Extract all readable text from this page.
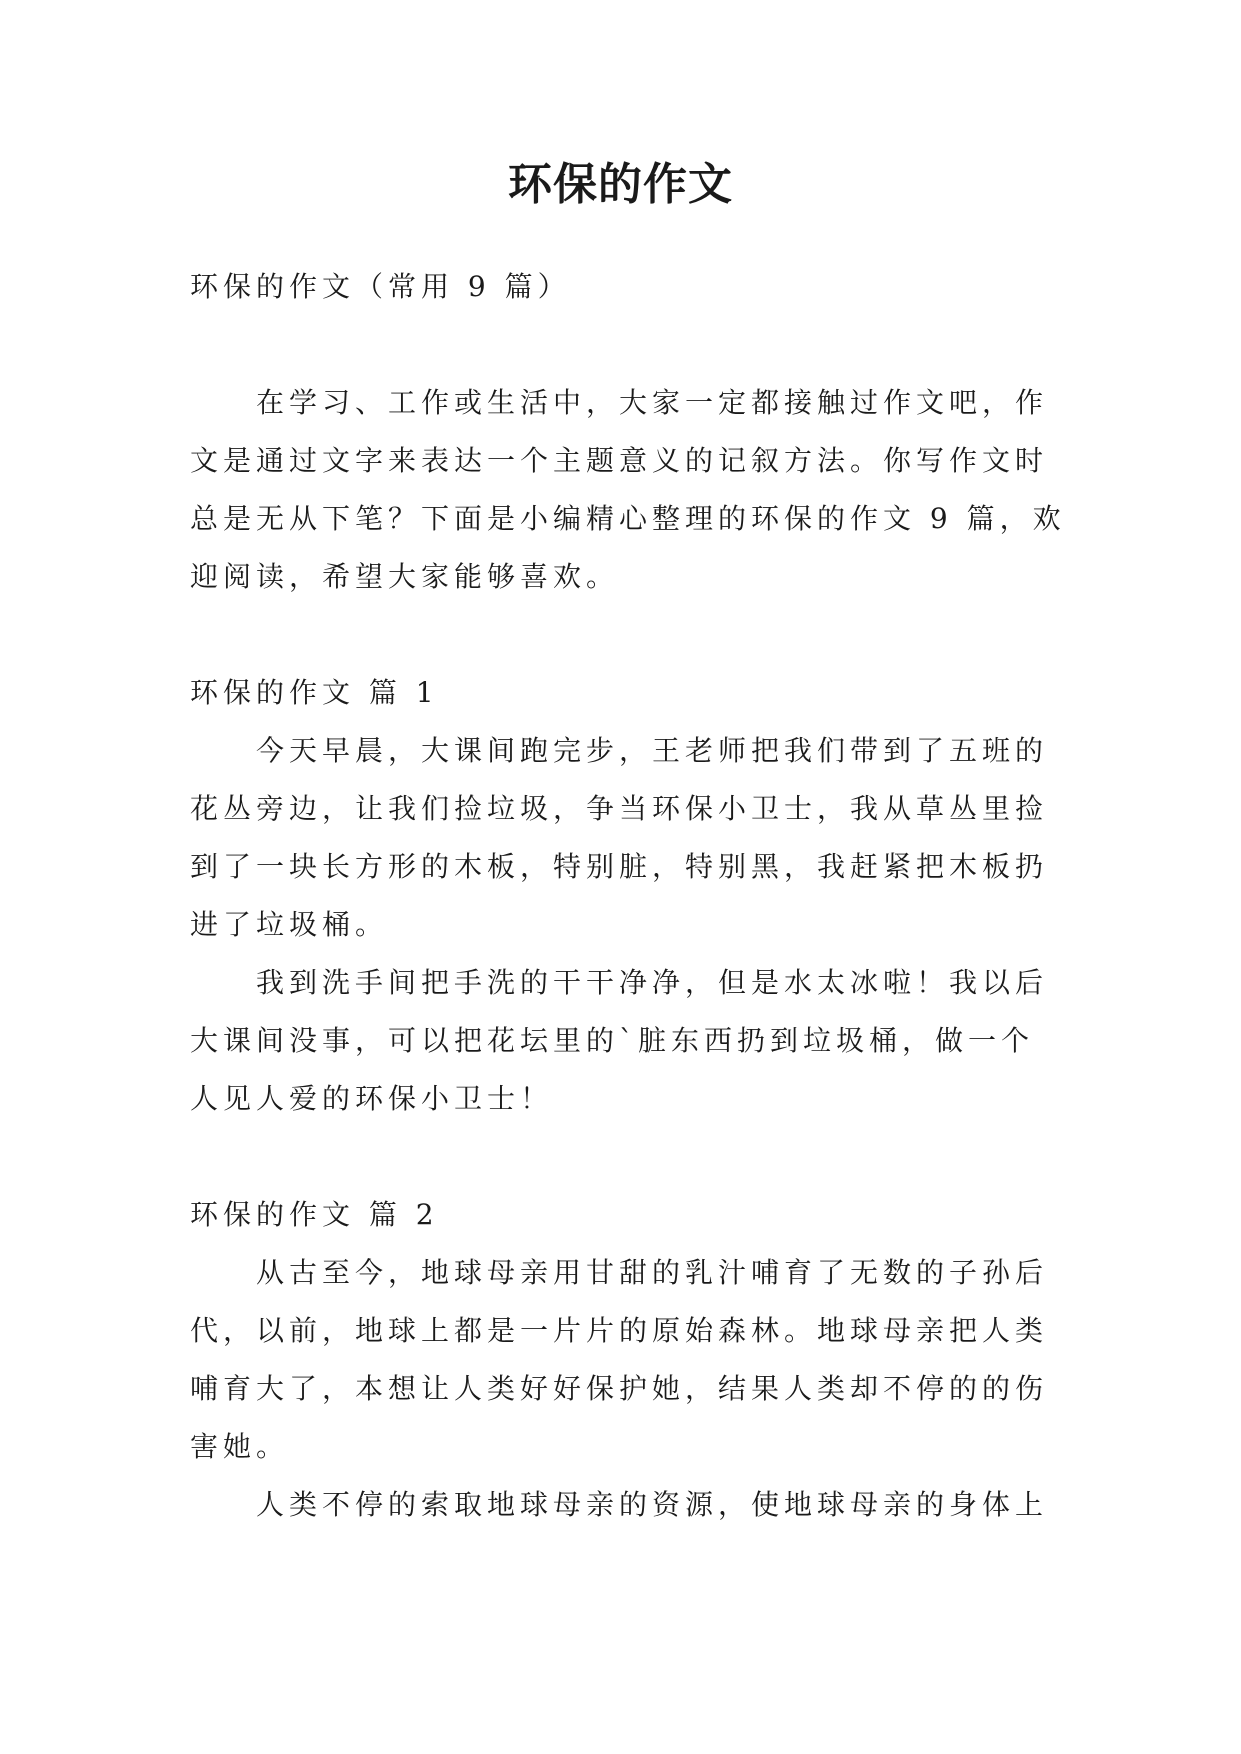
环保的作文
环保的作文（常用 9 篇）
在学习、工作或生活中，大家一定都接触过作文吧，作
文是通过文字来表达一个主题意义的记叙方法。你写作文时
总是无从下笔？下面是小编精心整理的环保的作文 9 篇，欢
迎阅读，希望大家能够喜欢。
环保的作文 篇 1
今天早晨，大课间跑完步，王老师把我们带到了五班的
花丛旁边，让我们捡垃圾，争当环保小卫士，我从草丛里捡
到了一块长方形的木板，特别脏，特别黑，我赶紧把木板扔
进了垃圾桶。
我到洗手间把手洗的干干净净，但是水太冰啦！我以后
大课间没事，可以把花坛里的`脏东西扔到垃圾桶，做一个
人见人爱的环保小卫士！
环保的作文 篇 2
从古至今，地球母亲用甘甜的乳汁哺育了无数的子孙后
代，以前，地球上都是一片片的原始森林。地球母亲把人类
哺育大了，本想让人类好好保护她，结果人类却不停的的伤
害她。
人类不停的索取地球母亲的资源，使地球母亲的身体上
